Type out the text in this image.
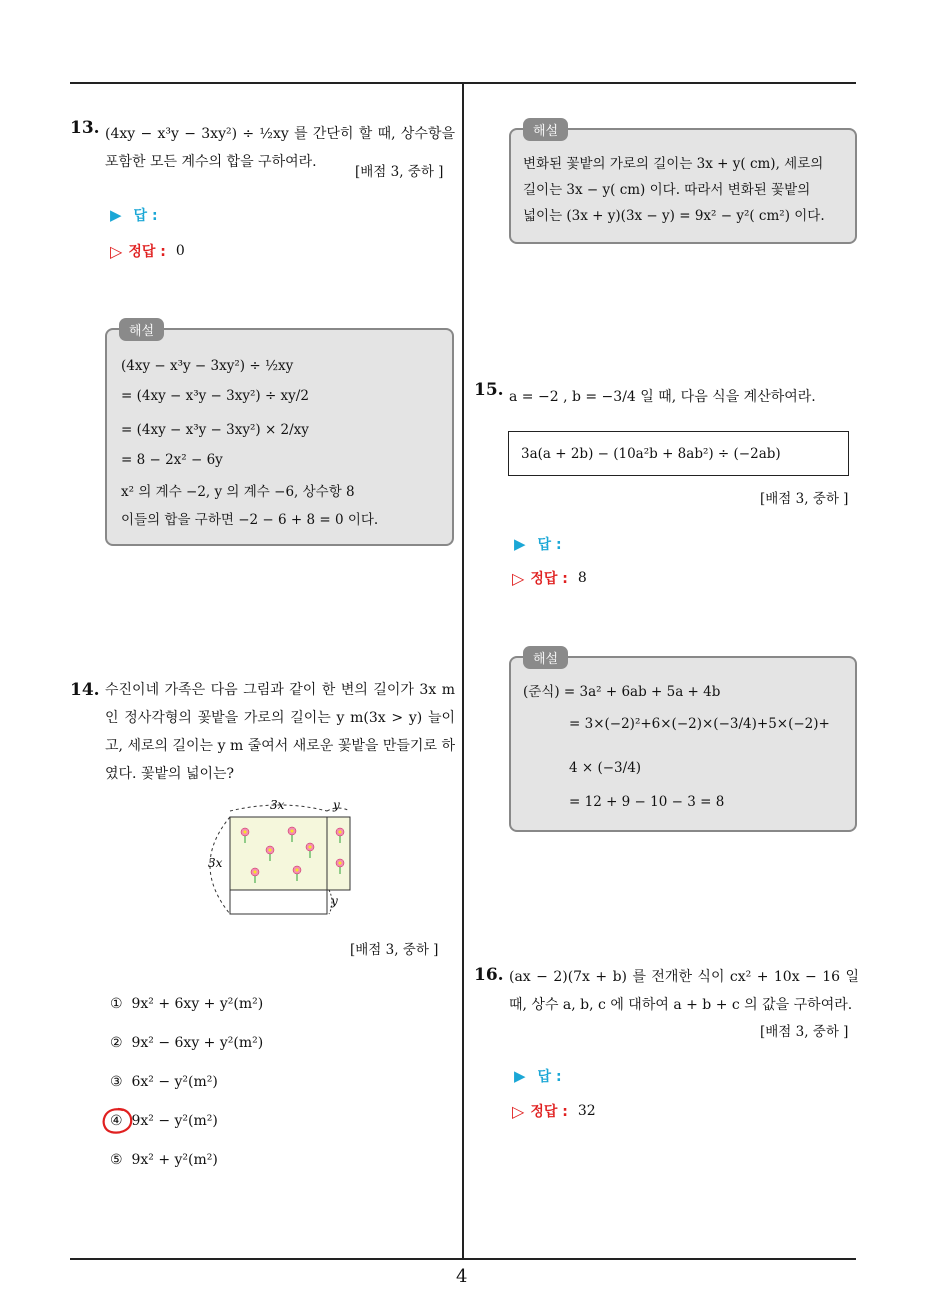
4
13. (4xy − x³y − 3xy²) ÷ ½xy 를 간단히 할 때, 상수항을 포함한 모든 계수의 합을 구하여라.
[배점 3, 중하 ]
▶ 답 :
▷ 정답 : 0
해설
(4xy − x³y − 3xy²) ÷ ½xy
= (4xy − x³y − 3xy²) ÷ xy/2
= (4xy − x³y − 3xy²) × 2/xy
= 8 − 2x² − 6y
x² 의 계수 −2, y 의 계수 −6, 상수항 8
이들의 합을 구하면 −2 − 6 + 8 = 0 이다.
14. 수진이네 가족은 다음 그림과 같이 한 변의 길이가 3x m 인 정사각형의 꽃밭을 가로의 길이는 y m(3x > y) 늘이고, 세로의 길이는 y m 줄여서 새로운 꽃밭을 만들기로 하였다. 꽃밭의 넓이는?
3x	y
3x
y
[배점 3, 중하 ]
① 9x² + 6xy + y²(m²)
② 9x² − 6xy + y²(m²)
③ 6x² − y²(m²)
④ 9x² − y²(m²)
⑤ 9x² + y²(m²)
해설
변화된 꽃밭의 가로의 길이는 3x + y( cm), 세로의
길이는 3x − y( cm) 이다. 따라서 변화된 꽃밭의
넓이는 (3x + y)(3x − y) = 9x² − y²( cm²) 이다.
15. a = −2 , b = −3/4 일 때, 다음 식을 계산하여라.
3a(a + 2b) − (10a²b + 8ab²) ÷ (−2ab)
[배점 3, 중하 ]
▶ 답 :
▷ 정답 : 8
해설
(준식) = 3a² + 6ab + 5a + 4b
= 3×(−2)²+6×(−2)×(−3/4)+5×(−2)+
4 × (−3/4)
= 12 + 9 − 10 − 3 = 8
16. (ax − 2)(7x + b) 를 전개한 식이 cx² + 10x − 16 일 때, 상수 a, b, c 에 대하여 a + b + c 의 값을 구하여라.
[배점 3, 중하 ]
▶ 답 :
▷ 정답 : 32
